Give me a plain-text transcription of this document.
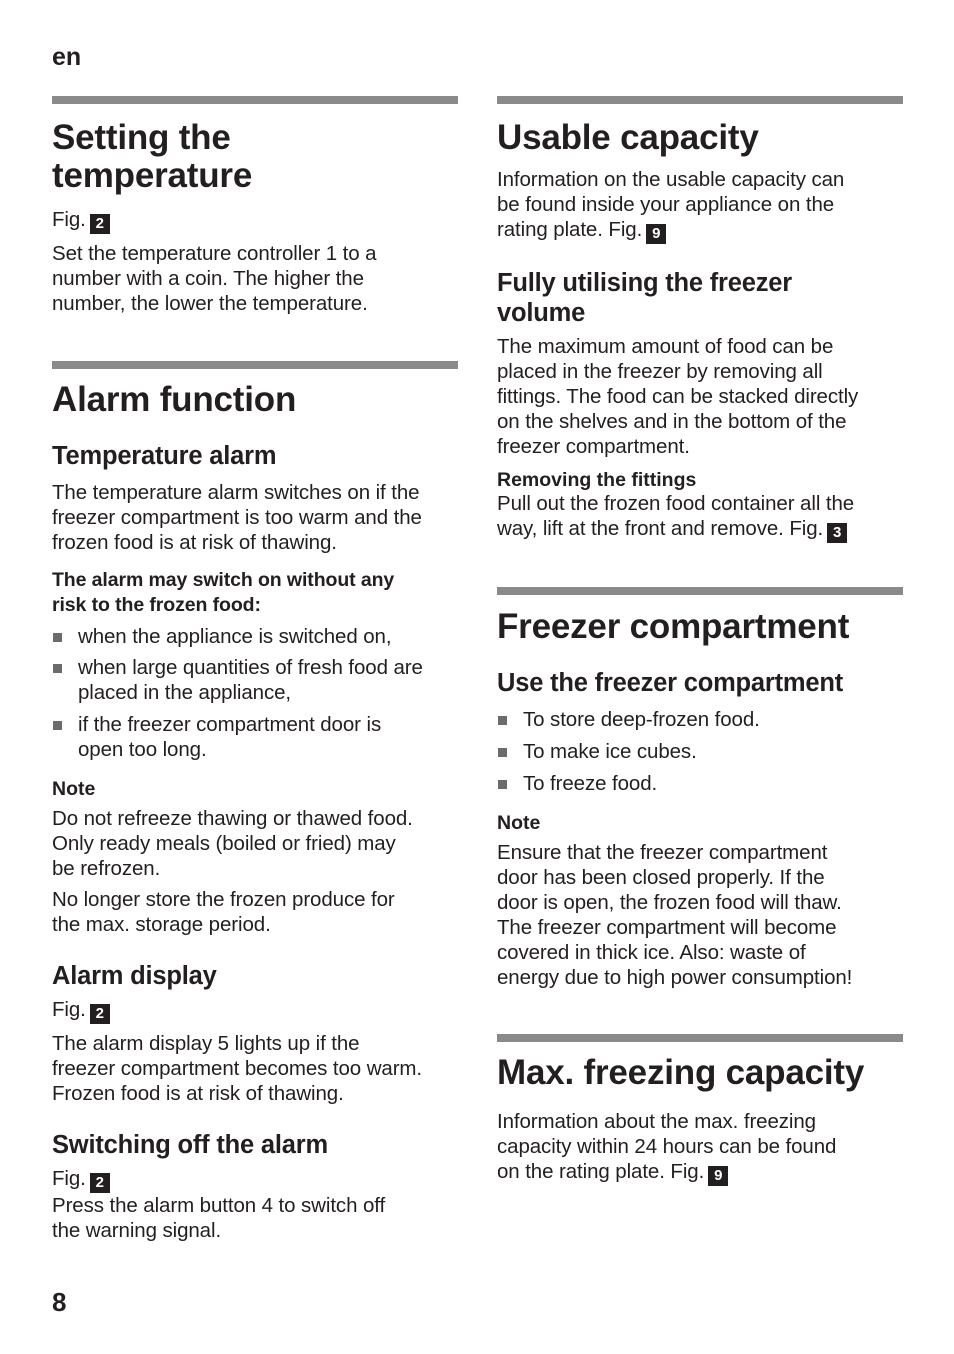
en
Setting the
temperature

Fig. 2

Set the temperature controller 1 to a
number with a coin. The higher the
number, the lower the temperature.

Alarm function
Temperature alarm

The temperature alarm switches on if the
freezer compartment is too warm and the
frozen food is at risk of thawing.

The alarm may switch on without any
risk to the frozen food:
when the appliance is switched on,
when large quantities of fresh food are
placed in the appliance,
if the freezer compartment door is
open too long.
Note

Do not refreeze thawing or thawed food.
Only ready meals (boiled or fried) may
be refrozen.

No longer store the frozen produce for
the max. storage period.

Alarm display

Fig. 2

The alarm display 5 lights up if the
freezer compartment becomes too warm.
Frozen food is at risk of thawing.

Switching off the alarm

Fig. 2

Press the alarm button 4 to switch off
the warning signal.

Usable capacity

Information on the usable capacity can
be found inside your appliance on the
rating plate. Fig. 9

Fully utilising the freezer
volume

The maximum amount of food can be
placed in the freezer by removing all
fittings. The food can be stacked directly
on the shelves and in the bottom of the
freezer compartment.

Removing the fittings

Pull out the frozen food container all the
way, lift at the front and remove. Fig. 3

Freezer compartment
Use the freezer compartment
To store deep-frozen food.
To make ice cubes.
To freeze food.
Note

Ensure that the freezer compartment
door has been closed properly. If the
door is open, the frozen food will thaw.
The freezer compartment will become
covered in thick ice. Also: waste of
energy due to high power consumption!

Max. freezing capacity

Information about the max. freezing
capacity within 24 hours can be found
on the rating plate. Fig. 9

8
